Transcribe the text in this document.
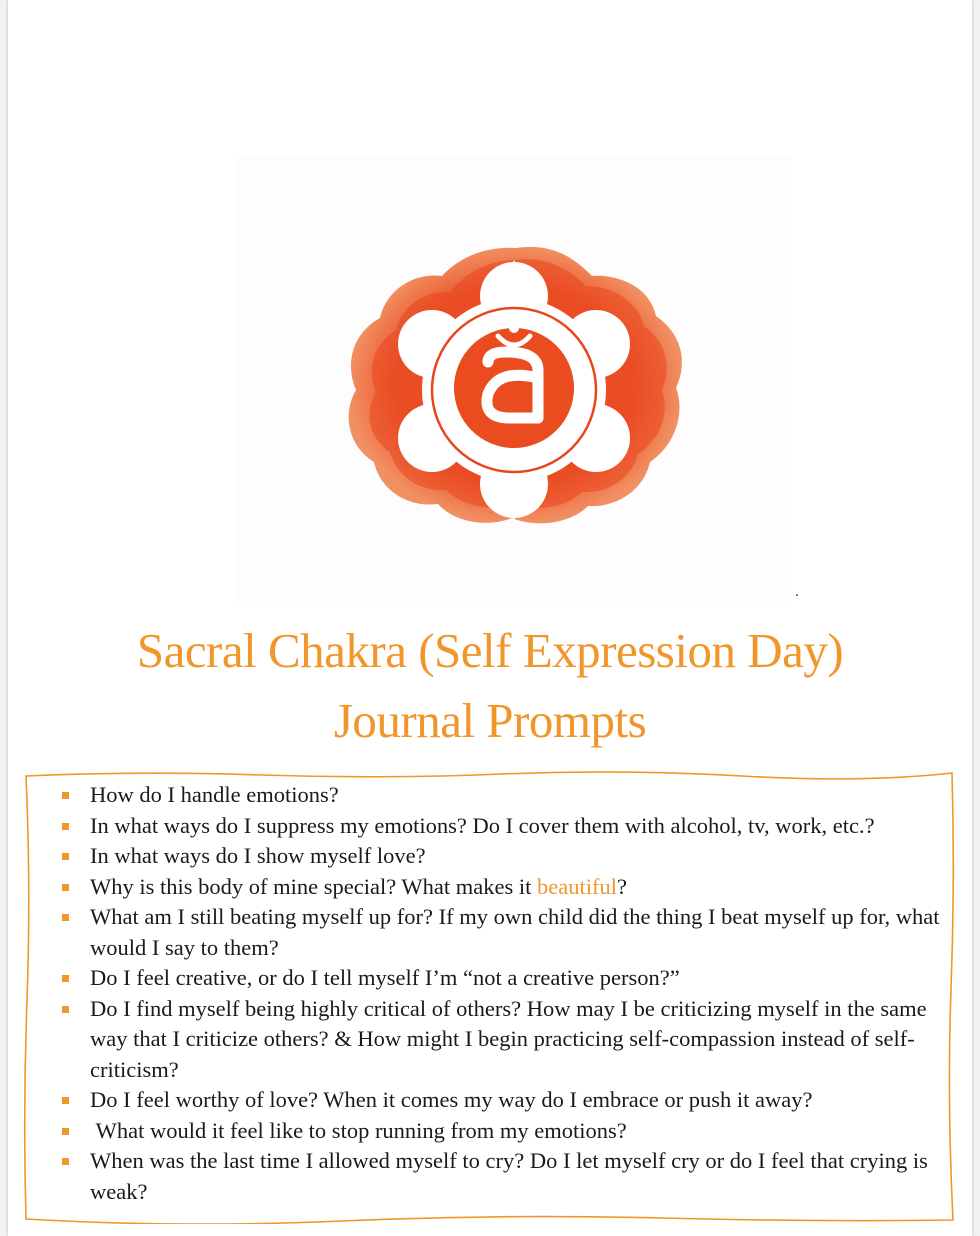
Sacral Chakra (Self Expression Day)
Journal Prompts
How do I handle emotions?
In what ways do I suppress my emotions? Do I cover them with alcohol, tv, work, etc.?
In what ways do I show myself love?
Why is this body of mine special? What makes it beautiful?
What am I still beating myself up for? If my own child did the thing I beat myself up for, what would I say to them?
Do I feel creative, or do I tell myself I’m “not a creative person?”
Do I find myself being highly critical of others? How may I be criticizing myself in the same way that I criticize others? & How might I begin practicing self-compassion instead of self-criticism?
Do I feel worthy of love? When it comes my way do I embrace or push it away?
What would it feel like to stop running from my emotions?
When was the last time I allowed myself to cry? Do I let myself cry or do I feel that crying is weak?
